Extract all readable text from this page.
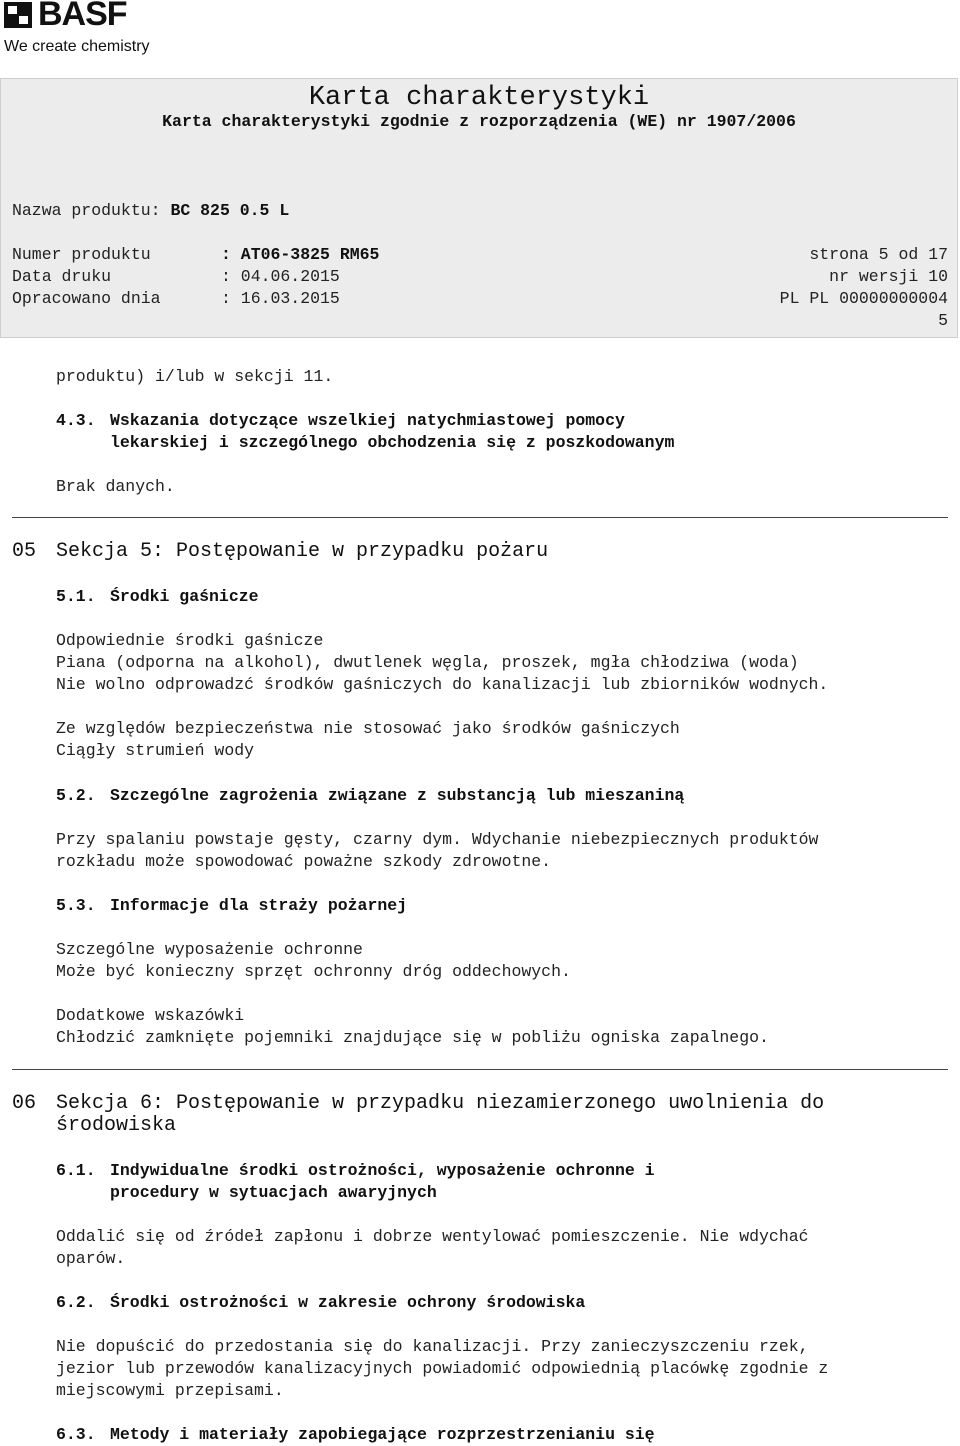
BASF
We create chemistry
Karta charakterystyki
Karta charakterystyki zgodnie z rozporządzenia (WE) nr 1907/2006
Nazwa produktu: BC 825 0.5 L
Numer produktu	: AT06-3825 RM65	strona 5 od 17
Data druku	: 04.06.2015	nr wersji 10
Opracowano dnia	: 16.03.2015	PL PL 00000000004
5
produktu) i/lub w sekcji 11.
4.3. Wskazania dotyczące wszelkiej natychmiastowej pomocy
lekarskiej i szczególnego obchodzenia się z poszkodowanym
Brak danych.
05 Sekcja 5: Postępowanie w przypadku pożaru
5.1. Środki gaśnicze
Odpowiednie środki gaśnicze
Piana (odporna na alkohol), dwutlenek węgla, proszek, mgła chłodziwa (woda)
Nie wolno odprowadzć środków gaśniczych do kanalizacji lub zbiorników wodnych.
Ze względów bezpieczeństwa nie stosować jako środków gaśniczych
Ciągły strumień wody
5.2. Szczególne zagrożenia związane z substancją lub mieszaniną
Przy spalaniu powstaje gęsty, czarny dym. Wdychanie niebezpiecznych produktów
rozkładu może spowodować poważne szkody zdrowotne.
5.3. Informacje dla straży pożarnej
Szczególne wyposażenie ochronne
Może być konieczny sprzęt ochronny dróg oddechowych.
Dodatkowe wskazówki
Chłodzić zamknięte pojemniki znajdujące się w pobliżu ogniska zapalnego.
06 Sekcja 6: Postępowanie w przypadku niezamierzonego uwolnienia do
środowiska
6.1. Indywidualne środki ostrożności, wyposażenie ochronne i
procedury w sytuacjach awaryjnych
Oddalić się od źródeł zapłonu i dobrze wentylować pomieszczenie. Nie wdychać
oparów.
6.2. Środki ostrożności w zakresie ochrony środowiska
Nie dopuścić do przedostania się do kanalizacji. Przy zanieczyszczeniu rzek,
jezior lub przewodów kanalizacyjnych powiadomić odpowiednią placówkę zgodnie z
miejscowymi przepisami.
6.3. Metody i materiały zapobiegające rozprzestrzenianiu się
